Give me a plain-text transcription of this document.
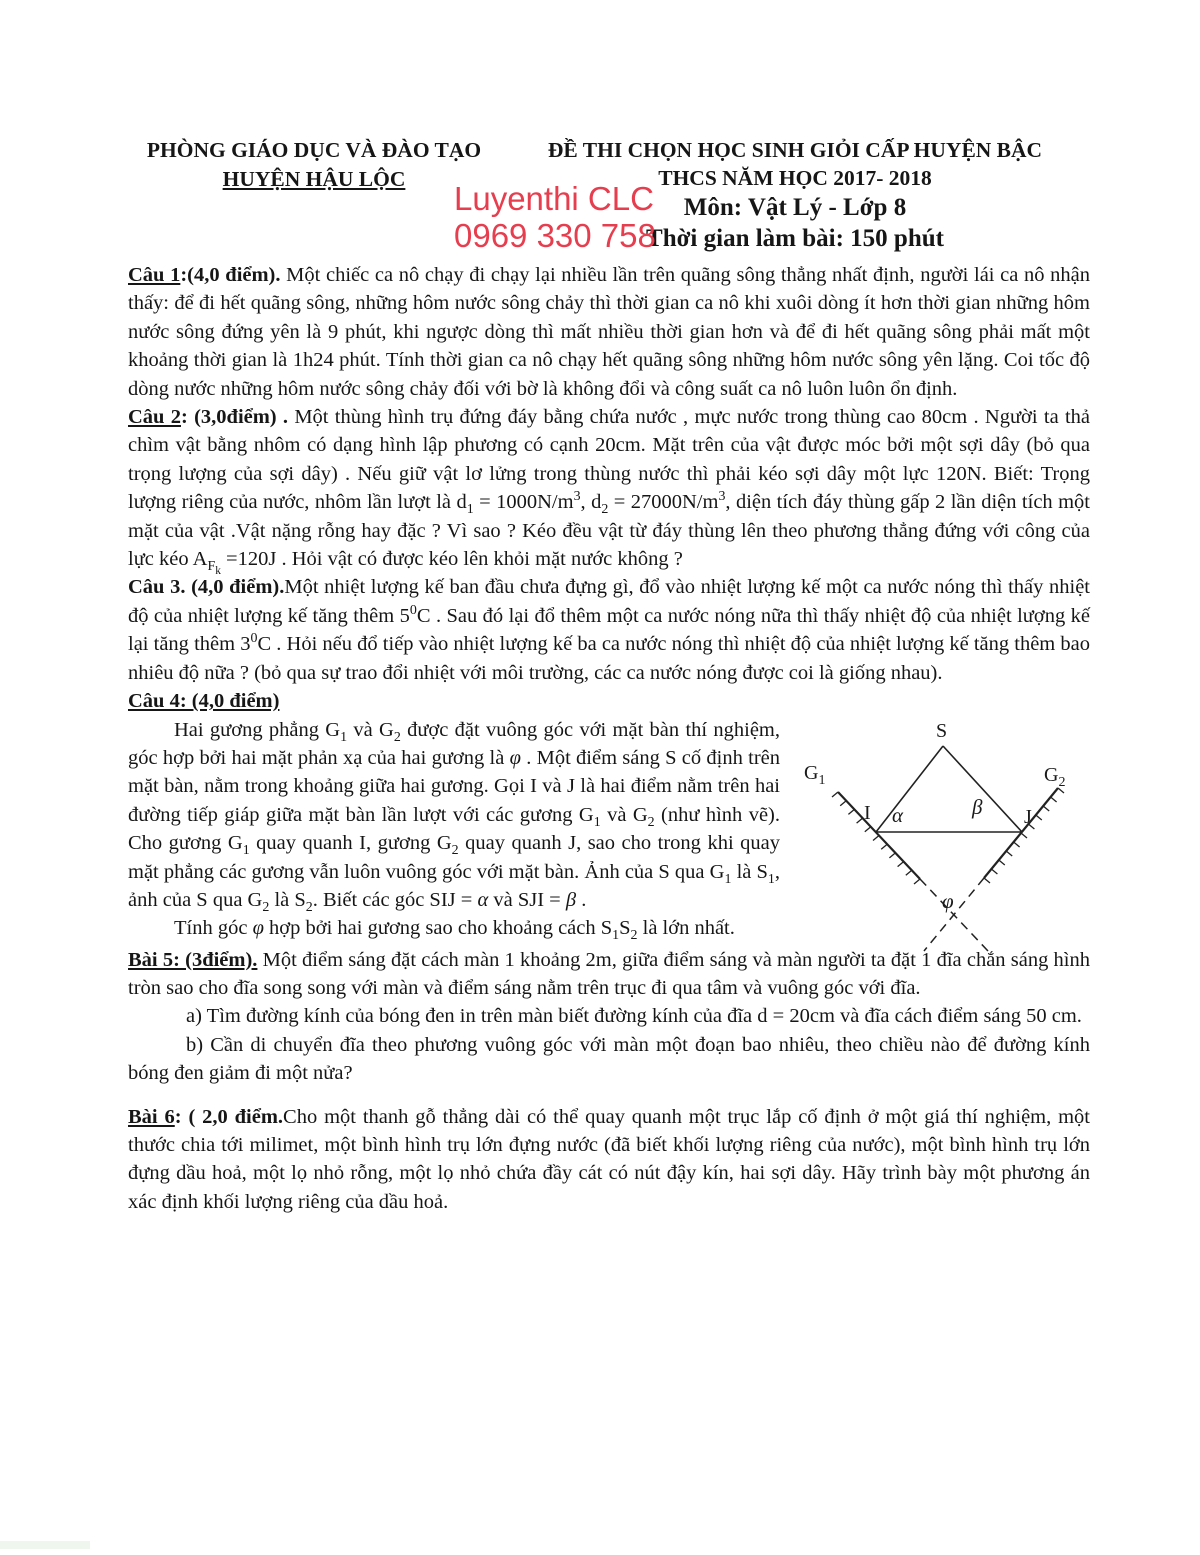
PHÒNG GIÁO DỤC VÀ ĐÀO TẠO
HUYỆN HẬU LỘC
ĐỀ THI CHỌN HỌC SINH GIỎI CẤP HUYỆN BẬC
THCS NĂM HỌC 2017- 2018
Môn: Vật Lý - Lớp 8
Thời gian làm bài: 150 phút
Luyenthi CLC
0969 330 758

Câu 1:(4,0 điểm). Một chiếc ca nô chạy đi chạy lại nhiều lần trên quãng sông thẳng nhất định, người lái ca nô nhận thấy: để đi hết quãng sông, những hôm nước sông chảy thì thời gian ca nô khi xuôi dòng ít hơn thời gian những hôm nước sông đứng yên là 9 phút, khi ngược dòng thì mất nhiều thời gian hơn và để đi hết quãng sông phải mất một khoảng thời gian là 1h24 phút. Tính thời gian ca nô chạy hết quãng sông những hôm nước sông yên lặng. Coi tốc độ dòng nước những hôm nước sông chảy đối với bờ là không đổi và công suất ca nô luôn luôn ổn định.

Câu 2: (3,0điểm) . Một thùng hình trụ đứng đáy bằng chứa nước , mực nước trong thùng cao 80cm . Người ta thả chìm vật bằng nhôm có dạng hình lập phương có cạnh 20cm. Mặt trên của vật được móc bởi một sợi dây (bỏ qua trọng lượng của sợi dây) . Nếu giữ vật lơ lửng trong thùng nước thì phải kéo sợi dây một lực 120N. Biết: Trọng lượng riêng của nước, nhôm lần lượt là $d_1 = 1000N/m^3$, $d_2 = 27000N/m^3$, diện tích đáy thùng gấp 2 lần diện tích một mặt của vật .Vật nặng rỗng hay đặc ? Vì sao ? Kéo đều vật từ đáy thùng lên theo phương thẳng đứng với công của lực kéo $A_{F_k} =120J$ . Hỏi vật có được kéo lên khỏi mặt nước không ?

Câu 3. (4,0 điểm).Một nhiệt lượng kế ban đầu chưa đựng gì, đổ vào nhiệt lượng kế một ca nước nóng thì thấy nhiệt độ của nhiệt lượng kế tăng thêm $5^0C$ . Sau đó lại đổ thêm một ca nước nóng nữa thì thấy nhiệt độ của nhiệt lượng kế lại tăng thêm $3^0C$ . Hỏi nếu đổ tiếp vào nhiệt lượng kế ba ca nước nóng thì nhiệt độ của nhiệt lượng kế tăng thêm bao nhiêu độ nữa ? (bỏ qua sự trao đổi nhiệt với môi trường, các ca nước nóng được coi là giống nhau).

Câu 4: (4,0 điểm)

S
$G_1$	$G_2$
I α	β J
φ

Hai gương phẳng $G_1$ và $G_2$ được đặt vuông góc với mặt bàn thí nghiệm, góc hợp bởi hai mặt phản xạ của hai gương là φ . Một điểm sáng S cố định trên mặt bàn, nằm trong khoảng giữa hai gương. Gọi I và J là hai điểm nằm trên hai đường tiếp giáp giữa mặt bàn lần lượt với các gương $G_1$ và $G_2$ (như hình vẽ). Cho gương $G_1$ quay quanh I, gương $G_2$ quay quanh J, sao cho trong khi quay mặt phẳng các gương vẫn luôn vuông góc với mặt bàn. Ảnh của S qua $G_1$ là $S_1$, ảnh của S qua $G_2$ là $S_2$. Biết các góc SIJ = α và SJI = β .

Tính góc φ hợp bởi hai gương sao cho khoảng cách $S_1S_2$ là lớn nhất.

Bài 5: (3điểm). Một điểm sáng đặt cách màn 1 khoảng 2m, giữa điểm sáng và màn người ta đặt 1 đĩa chắn sáng hình tròn sao cho đĩa song song với màn và điểm sáng nằm trên trục đi qua tâm và vuông góc với đĩa.

a) Tìm đường kính của bóng đen in trên màn biết đường kính của đĩa d = 20cm và đĩa cách điểm sáng 50 cm.

b) Cần di chuyển đĩa theo phương vuông góc với màn một đoạn bao nhiêu, theo chiều nào để đường kính bóng đen giảm đi một nửa?

Bài 6: ( 2,0 điểm.Cho một thanh gỗ thẳng dài có thể quay quanh một trục lắp cố định ở một giá thí nghiệm, một thước chia tới milimet, một bình hình trụ lớn đựng nước (đã biết khối lượng riêng của nước), một bình hình trụ lớn đựng dầu hoả, một lọ nhỏ rỗng, một lọ nhỏ chứa đầy cát có nút đậy kín, hai sợi dây. Hãy trình bày một phương án xác định khối lượng riêng của dầu hoả.
